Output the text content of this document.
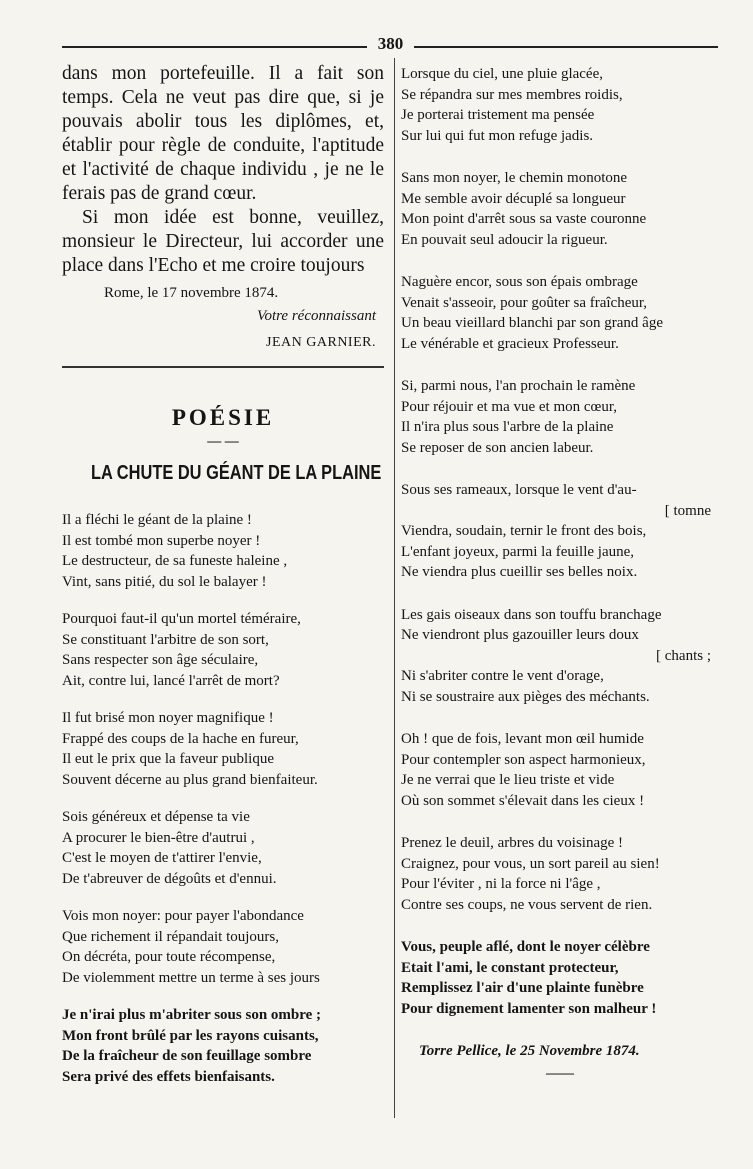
380

dans mon portefeuille. Il a fait son temps. Cela ne veut pas dire que, si je pouvais abolir tous les diplômes, et, établir pour règle de conduite, l'aptitude et l'activité de chaque individu , je ne le ferais pas de grand cœur.

Si mon idée est bonne, veuillez, monsieur le Directeur, lui accorder une place dans l'Echo et me croire toujours

Rome, le 17 novembre 1874.
Votre réconnaissant
JEAN GARNIER.
POÉSIE
— —
LA CHUTE DU GÉANT DE LA PLAINE
Il a fléchi le géant de la plaine !
Il est tombé mon superbe noyer !
Le destructeur, de sa funeste haleine ,
Vint, sans pitié, du sol le balayer !
Pourquoi faut-il qu'un mortel téméraire,
Se constituant l'arbitre de son sort,
Sans respecter son âge séculaire,
Ait, contre lui, lancé l'arrêt de mort?
Il fut brisé mon noyer magnifique !
Frappé des coups de la hache en fureur,
Il eut le prix que la faveur publique
Souvent décerne au plus grand bienfaiteur.
Sois généreux et dépense ta vie
A procurer le bien-être d'autrui ,
C'est le moyen de t'attirer l'envie,
De t'abreuver de dégoûts et d'ennui.
Vois mon noyer: pour payer l'abondance
Que richement il répandait toujours,
On décréta, pour toute récompense,
De violemment mettre un terme à ses jours
Je n'irai plus m'abriter sous son ombre ;
Mon front brûlé par les rayons cuisants,
De la fraîcheur de son feuillage sombre
Sera privé des effets bienfaisants.
Lorsque du ciel, une pluie glacée,
Se répandra sur mes membres roidis,
Je porterai tristement ma pensée
Sur lui qui fut mon refuge jadis.
Sans mon noyer, le chemin monotone
Me semble avoir décuplé sa longueur
Mon point d'arrêt sous sa vaste couronne
En pouvait seul adoucir la rigueur.
Naguère encor, sous son épais ombrage
Venait s'asseoir, pour goûter sa fraîcheur,
Un beau vieillard blanchi par son grand âge
Le vénérable et gracieux Professeur.
Si, parmi nous, l'an prochain le ramène
Pour réjouir et ma vue et mon cœur,
Il n'ira plus sous l'arbre de la plaine
Se reposer de son ancien labeur.
Sous ses rameaux, lorsque le vent d'au-
[ tomne
Viendra, soudain, ternir le front des bois,
L'enfant joyeux, parmi la feuille jaune,
Ne viendra plus cueillir ses belles noix.
Les gais oiseaux dans son touffu branchage
Ne viendront plus gazouiller leurs doux
[ chants ;
Ni s'abriter contre le vent d'orage,
Ni se soustraire aux pièges des méchants.
Oh ! que de fois, levant mon œil humide
Pour contempler son aspect harmonieux,
Je ne verrai que le lieu triste et vide
Où son sommet s'élevait dans les cieux !
Prenez le deuil, arbres du voisinage !
Craignez, pour vous, un sort pareil au sien!
Pour l'éviter , ni la force ni l'âge ,
Contre ses coups, ne vous servent de rien.
Vous, peuple aflé, dont le noyer célèbre
Etait l'ami, le constant protecteur,
Remplissez l'air d'une plainte funèbre
Pour dignement lamenter son malheur !
Torre Pellice, le 25 Novembre 1874.
——
